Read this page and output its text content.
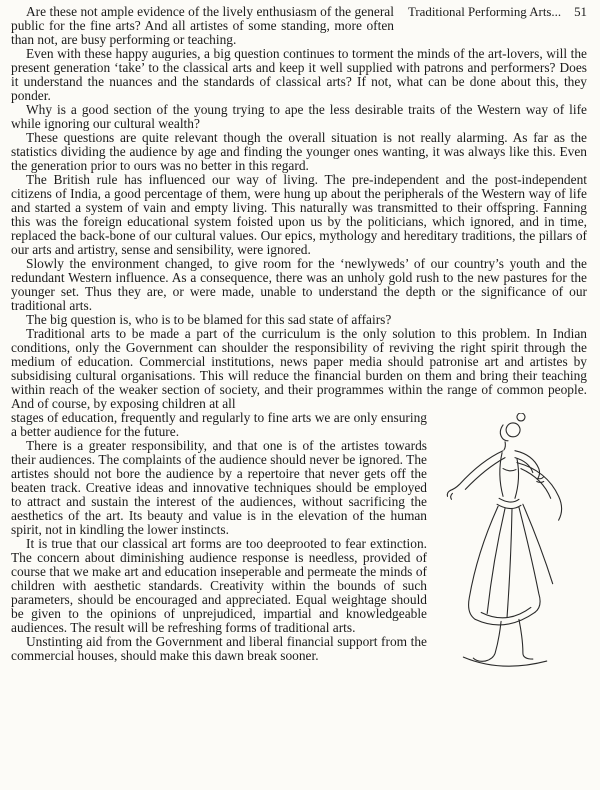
Traditional Performing Arts... 51

Are these not ample evidence of the lively enthusiasm of the general public for the fine arts? And all artistes of some standing, more often than not, are busy performing or teaching.

Even with these happy auguries, a big question continues to torment the minds of the art-lovers, will the present generation ‘take’ to the classical arts and keep it well supplied with patrons and performers? Does it understand the nuances and the standards of classical arts? If not, what can be done about this, they ponder.

Why is a good section of the young trying to ape the less desirable traits of the Western way of life while ignoring our cultural wealth?

These questions are quite relevant though the overall situation is not really alarming. As far as the statistics dividing the audience by age and finding the younger ones wanting, it was always like this. Even the generation prior to ours was no better in this regard.

The British rule has influenced our way of living. The pre-independent and the post-independent citizens of India, a good percentage of them, were hung up about the peripherals of the Western way of life and started a system of vain and empty living. This naturally was transmitted to their offspring. Fanning this was the foreign educational system foisted upon us by the politicians, which ignored, and in time, replaced the back-bone of our cultural values. Our epics, mythology and hereditary traditions, the pillars of our arts and artistry, sense and sensibility, were ignored.

Slowly the environment changed, to give room for the ‘newlyweds’ of our country’s youth and the redundant Western influence. As a consequence, there was an unholy gold rush to the new pastures for the younger set. Thus they are, or were made, unable to understand the depth or the significance of our traditional arts.

The big question is, who is to be blamed for this sad state of affairs?

Traditional arts to be made a part of the curriculum is the only solution to this problem. In Indian conditions, only the Government can shoulder the responsibility of reviving the right spirit through the medium of education. Commercial institutions, news paper media should patronise art and artistes by subsidising cultural organisations. This will reduce the financial burden on them and bring their teaching within reach of the weaker section of society, and their programmes within the range of common people. And of course, by exposing children at all

stages of education, frequently and regularly to fine arts we are only ensuring a better audience for the future.

There is a greater responsibility, and that one is of the artistes towards their audiences. The complaints of the audience should never be ignored. The artistes should not bore the audience by a repertoire that never gets off the beaten track. Creative ideas and innovative techniques should be employed to attract and sustain the interest of the audiences, without sacrificing the aesthetics of the art. Its beauty and value is in the elevation of the human spirit, not in kindling the lower instincts.

It is true that our classical art forms are too deeprooted to fear extinction. The concern about diminishing audience response is needless, provided of course that we make art and education inseperable and permeate the minds of children with aesthetic standards. Creativity within the bounds of such parameters, should be encouraged and appreciated. Equal weightage should be given to the opinions of unprejudiced, impartial and knowledgeable audiences. The result will be refreshing forms of traditional arts.

Unstinting aid from the Government and liberal financial support from the commercial houses, should make this dawn break sooner.
